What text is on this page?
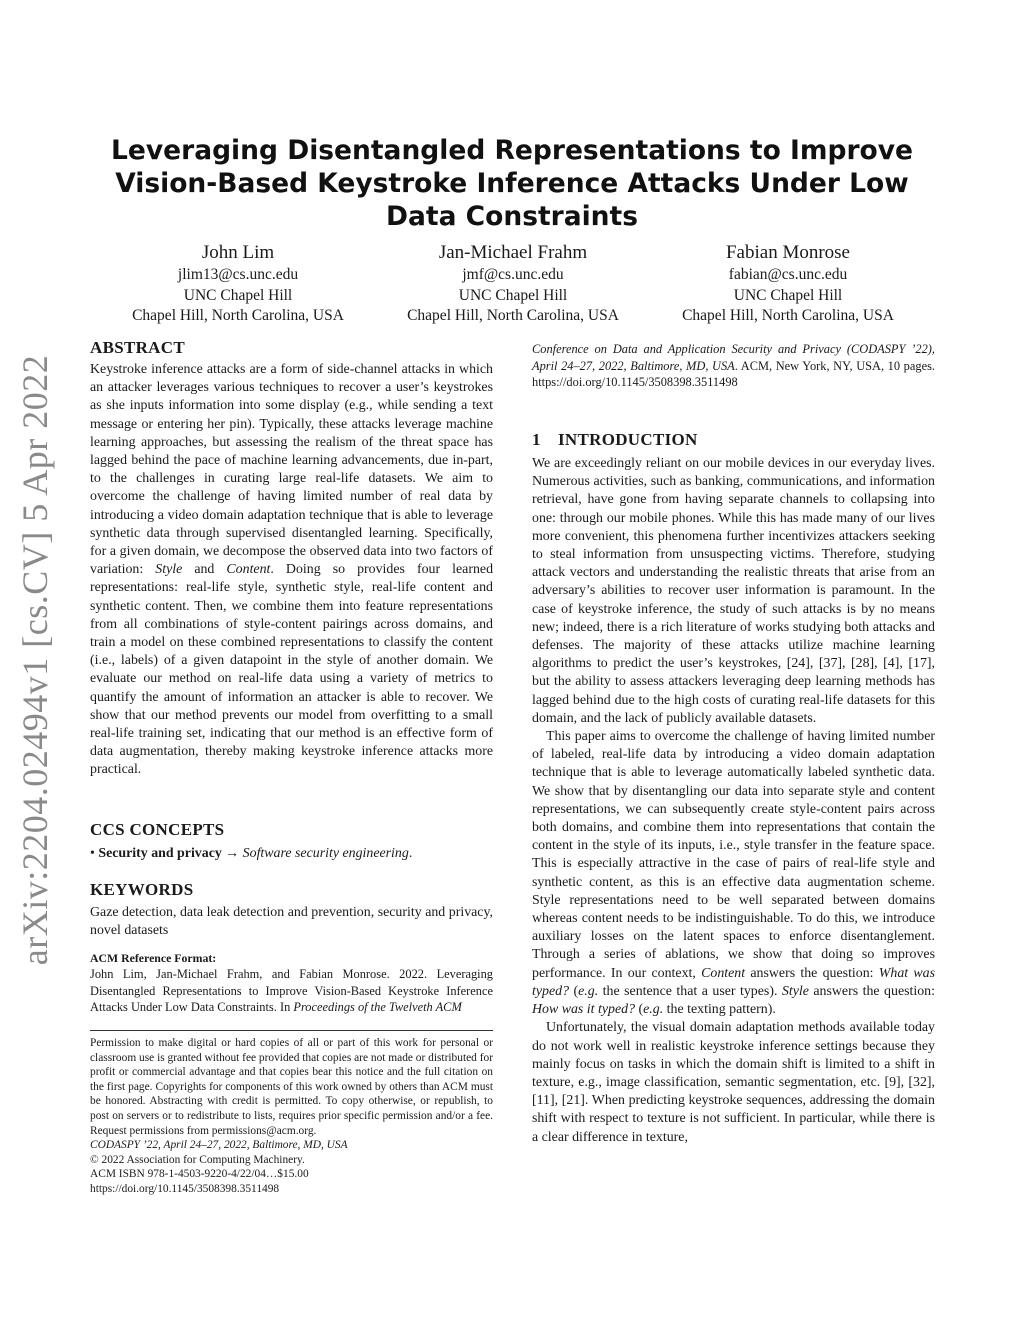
arXiv:2204.02494v1 [cs.CV] 5 Apr 2022
Leveraging Disentangled Representations to Improve Vision-Based Keystroke Inference Attacks Under Low Data Constraints
John Lim
jlim13@cs.unc.edu
UNC Chapel Hill
Chapel Hill, North Carolina, USA
Jan-Michael Frahm
jmf@cs.unc.edu
UNC Chapel Hill
Chapel Hill, North Carolina, USA
Fabian Monrose
fabian@cs.unc.edu
UNC Chapel Hill
Chapel Hill, North Carolina, USA
ABSTRACT

Keystroke inference attacks are a form of side-channel attacks in which an attacker leverages various techniques to recover a user’s keystrokes as she inputs information into some display (e.g., while sending a text message or entering her pin). Typically, these attacks leverage machine learning approaches, but assessing the realism of the threat space has lagged behind the pace of machine learning advancements, due in-part, to the challenges in curating large real-life datasets. We aim to overcome the challenge of having limited number of real data by introducing a video domain adaptation technique that is able to leverage synthetic data through supervised disentangled learning. Specifically, for a given domain, we decompose the observed data into two factors of variation: Style and Content. Doing so provides four learned representations: real-life style, synthetic style, real-life content and synthetic content. Then, we combine them into feature representations from all combinations of style-content pairings across domains, and train a model on these combined representations to classify the content (i.e., labels) of a given datapoint in the style of another domain. We evaluate our method on real-life data using a variety of metrics to quantify the amount of information an attacker is able to recover. We show that our method prevents our model from overfitting to a small real-life training set, indicating that our method is an effective form of data augmentation, thereby making keystroke inference attacks more practical.

CCS CONCEPTS
• Security and privacy → Software security engineering.
KEYWORDS
Gaze detection, data leak detection and prevention, security and privacy, novel datasets
ACM Reference Format:
John Lim, Jan-Michael Frahm, and Fabian Monrose. 2022. Leveraging Disentangled Representations to Improve Vision-Based Keystroke Inference Attacks Under Low Data Constraints. In Proceedings of the Twelveth ACM
Permission to make digital or hard copies of all or part of this work for personal or classroom use is granted without fee provided that copies are not made or distributed for profit or commercial advantage and that copies bear this notice and the full citation on the first page. Copyrights for components of this work owned by others than ACM must be honored. Abstracting with credit is permitted. To copy otherwise, or republish, to post on servers or to redistribute to lists, requires prior specific permission and/or a fee. Request permissions from permissions@acm.org.
CODASPY ’22, April 24–27, 2022, Baltimore, MD, USA
© 2022 Association for Computing Machinery.
ACM ISBN 978-1-4503-9220-4/22/04…$15.00
https://doi.org/10.1145/3508398.3511498
Conference on Data and Application Security and Privacy (CODASPY ’22), April 24–27, 2022, Baltimore, MD, USA. ACM, New York, NY, USA, 10 pages. https://doi.org/10.1145/3508398.3511498
1 INTRODUCTION

We are exceedingly reliant on our mobile devices in our everyday lives. Numerous activities, such as banking, communications, and information retrieval, have gone from having separate channels to collapsing into one: through our mobile phones. While this has made many of our lives more convenient, this phenomena further incentivizes attackers seeking to steal information from unsuspecting victims. Therefore, studying attack vectors and understanding the realistic threats that arise from an adversary’s abilities to recover user information is paramount. In the case of keystroke inference, the study of such attacks is by no means new; indeed, there is a rich literature of works studying both attacks and defenses. The majority of these attacks utilize machine learning algorithms to predict the user’s keystrokes, [24], [37], [28], [4], [17], but the ability to assess attackers leveraging deep learning methods has lagged behind due to the high costs of curating real-life datasets for this domain, and the lack of publicly available datasets.

This paper aims to overcome the challenge of having limited number of labeled, real-life data by introducing a video domain adaptation technique that is able to leverage automatically labeled synthetic data. We show that by disentangling our data into separate style and content representations, we can subsequently create style-content pairs across both domains, and combine them into representations that contain the content in the style of its inputs, i.e., style transfer in the feature space. This is especially attractive in the case of pairs of real-life style and synthetic content, as this is an effective data augmentation scheme. Style representations need to be well separated between domains whereas content needs to be indistinguishable. To do this, we introduce auxiliary losses on the latent spaces to enforce disentanglement. Through a series of ablations, we show that doing so improves performance. In our context, Content answers the question: What was typed? (e.g. the sentence that a user types). Style answers the question: How was it typed? (e.g. the texting pattern).

Unfortunately, the visual domain adaptation methods available today do not work well in realistic keystroke inference settings because they mainly focus on tasks in which the domain shift is limited to a shift in texture, e.g., image classification, semantic segmentation, etc. [9], [32], [11], [21]. When predicting keystroke sequences, addressing the domain shift with respect to texture is not sufficient. In particular, while there is a clear difference in texture,
